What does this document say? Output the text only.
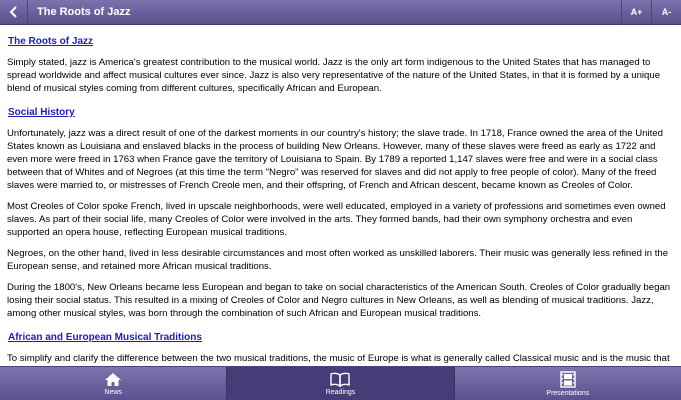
The Roots of Jazz	A+	A-
The Roots of Jazz

Simply stated, jazz is America's greatest contribution to the musical world. Jazz is the only art form indigenous to the United States that has managed to spread worldwide and affect musical cultures ever since. Jazz is also very representative of the nature of the United States, in that it is formed by a unique blend of musical styles coming from different cultures, specifically African and European.

Social History

Unfortunately, jazz was a direct result of one of the darkest moments in our country's history; the slave trade. In 1718, France owned the area of the United States known as Louisiana and enslaved blacks in the process of building New Orleans. However, many of these slaves were freed as early as 1722 and even more were freed in 1763 when France gave the territory of Louisiana to Spain. By 1789 a reported 1,147 slaves were free and were in a social class between that of Whites and of Negroes (at this time the term "Negro" was reserved for slaves and did not apply to free people of color). Many of the freed slaves were married to, or mistresses of French Creole men, and their offspring, of French and African descent, became known as Creoles of Color.

Most Creoles of Color spoke French, lived in upscale neighborhoods, were well educated, employed in a variety of professions and sometimes even owned slaves. As part of their social life, many Creoles of Color were involved in the arts. They formed bands, had their own symphony orchestra and even supported an opera house, reflecting European musical traditions.

Negroes, on the other hand, lived in less desirable circumstances and most often worked as unskilled laborers. Their music was generally less refined in the European sense, and retained more African musical traditions.

During the 1800's, New Orleans became less European and began to take on social characteristics of the American South. Creoles of Color gradually began losing their social status. This resulted in a mixing of Creoles of Color and Negro cultures in New Orleans, as well as blending of musical traditions. Jazz, among other musical styles, was born through the combination of such African and European musical traditions.

African and European Musical Traditions

To simplify and clarify the difference between the two musical traditions, the music of Europe is what is generally called Classical music and is the music that

News	Readings	Presentations
